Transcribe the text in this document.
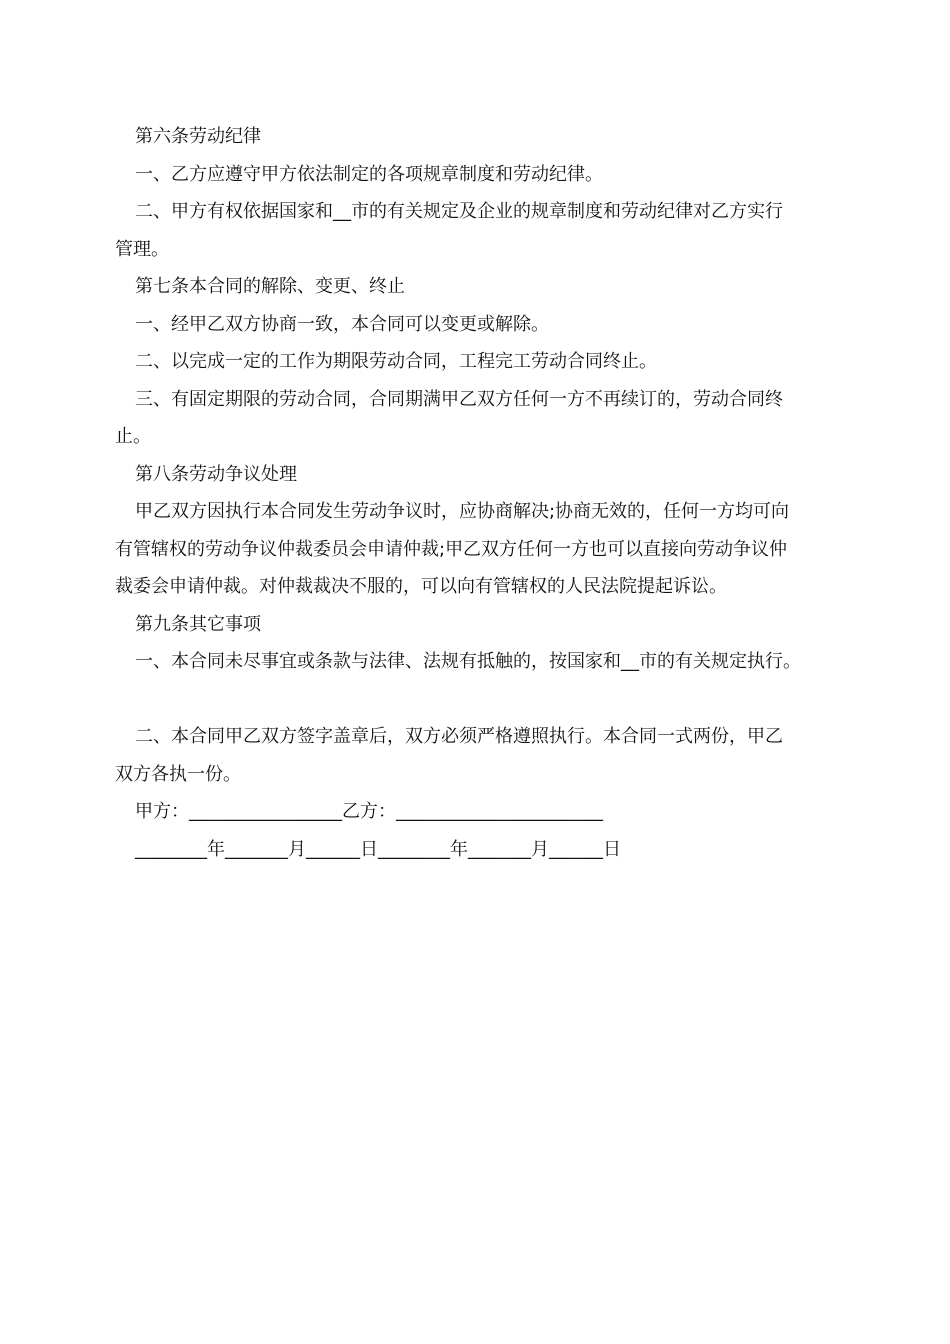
第六条劳动纪律

一、乙方应遵守甲方依法制定的各项规章制度和劳动纪律。

二、甲方有权依据国家和__市的有关规定及企业的规章制度和劳动纪律对乙方实行

管理。

第七条本合同的解除、变更、终止

一、经甲乙双方协商一致，本合同可以变更或解除。

二、以完成一定的工作为期限劳动合同，工程完工劳动合同终止。

三、有固定期限的劳动合同，合同期满甲乙双方任何一方不再续订的，劳动合同终

止。

第八条劳动争议处理

甲乙双方因执行本合同发生劳动争议时，应协商解决;协商无效的，任何一方均可向

有管辖权的劳动争议仲裁委员会申请仲裁;甲乙双方任何一方也可以直接向劳动争议仲

裁委会申请仲裁。对仲裁裁决不服的，可以向有管辖权的人民法院提起诉讼。

第九条其它事项

一、本合同未尽事宜或条款与法律、法规有抵触的，按国家和__市的有关规定执行。

二、本合同甲乙双方签字盖章后，双方必须严格遵照执行。本合同一式两份，甲乙

双方各执一份。

甲方：_________________乙方：_______________________
________年_______月______日________年_______月______日
